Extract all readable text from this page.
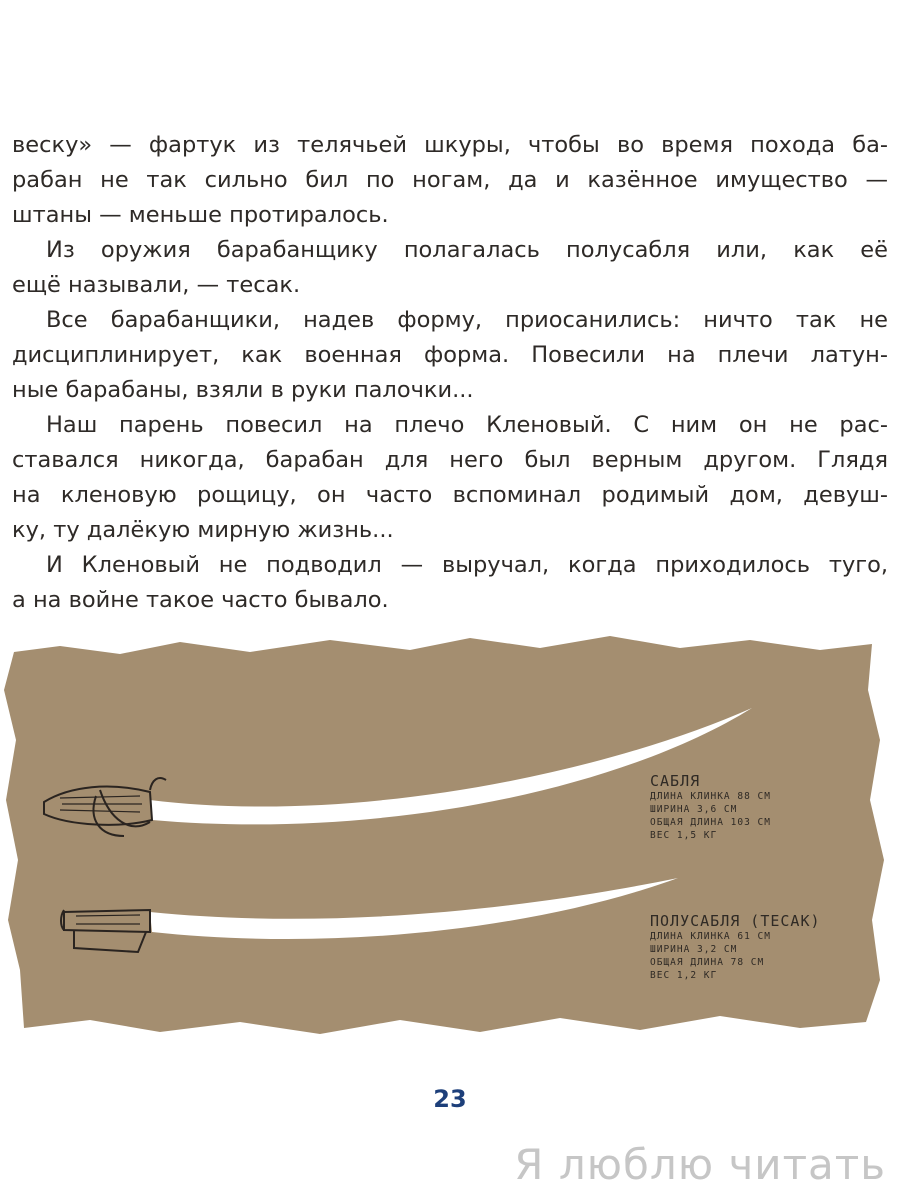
веску» — фартук из телячьей шкуры, чтобы во время похода ба-
рабан не так сильно бил по ногам, да и казённое имущество —
штаны — меньше протиралось.
Из оружия барабанщику полагалась полусабля или, как её
ещё называли, — тесак.
Все барабанщики, надев форму, приосанились: ничто так не
дисциплинирует, как военная форма. Повесили на плечи латун-
ные барабаны, взяли в руки палочки...
Наш парень повесил на плечо Кленовый. С ним он не рас-
ставался никогда, барабан для него был верным другом. Глядя
на кленовую рощицу, он часто вспоминал родимый дом, девуш-
ку, ту далёкую мирную жизнь...
И Кленовый не подводил — выручал, когда приходилось туго,
а на войне такое часто бывало.
САБЛЯ
ДЛИНА КЛИНКА 88 СМ
ШИРИНА 3,6 СМ
ОБЩАЯ ДЛИНА 103 СМ
ВЕС 1,5 КГ
ПОЛУСАБЛЯ (ТЕСАК)
ДЛИНА КЛИНКА 61 СМ
ШИРИНА 3,2 СМ
ОБЩАЯ ДЛИНА 78 СМ
ВЕС 1,2 КГ
23
Я люблю читать
